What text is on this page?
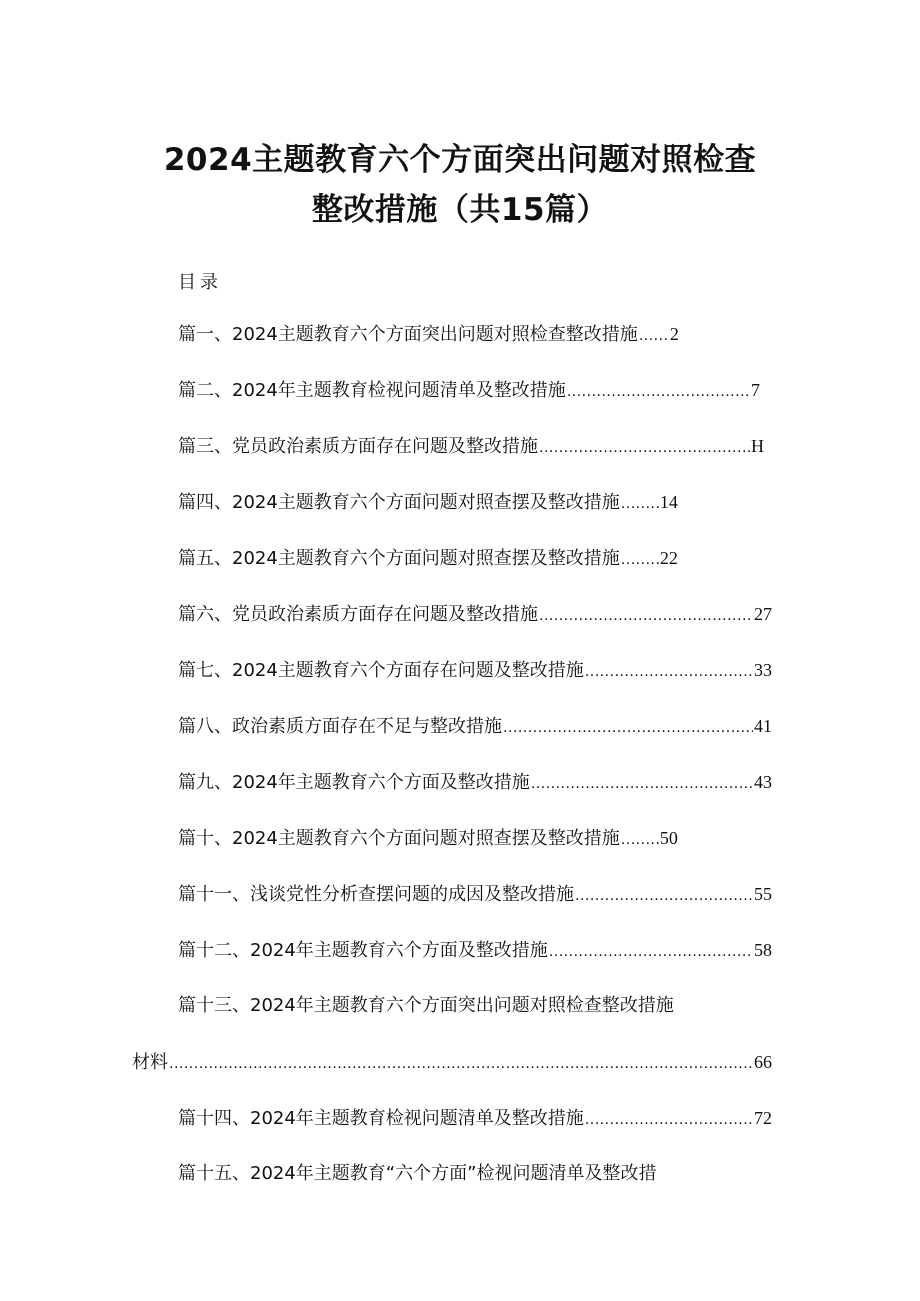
2024主题教育六个方面突出问题对照检查
整改措施（共15篇）
目录
篇一、2024主题教育六个方面突出问题对照检查整改措施 ..... 2
篇二、2024年主题教育检视问题清单及整改措施 .....	7
篇三、党员政治素质方面存在问题及整改措施 .....	H
篇四、2024主题教育六个方面问题对照查摆及整改措施 ..... 14
篇五、2024主题教育六个方面问题对照查摆及整改措施 ..... 22
篇六、党员政治素质方面存在问题及整改措施 .....	27
篇七、2024主题教育六个方面存在问题及整改措施 .....	33
篇八、政治素质方面存在不足与整改措施 .....	41
篇九、2024年主题教育六个方面及整改措施 .....	43
篇十、2024主题教育六个方面问题对照查摆及整改措施 ..... 50
篇十一、浅谈党性分析查摆问题的成因及整改措施 .....	55
篇十二、2024年主题教育六个方面及整改措施 .....	58
篇十三、2024年主题教育六个方面突出问题对照检查整改措施
材料 .....	66
篇十四、2024年主题教育检视问题清单及整改措施 .....	72
篇十五、2024年主题教育“六个方面”检视问题清单及整改措
